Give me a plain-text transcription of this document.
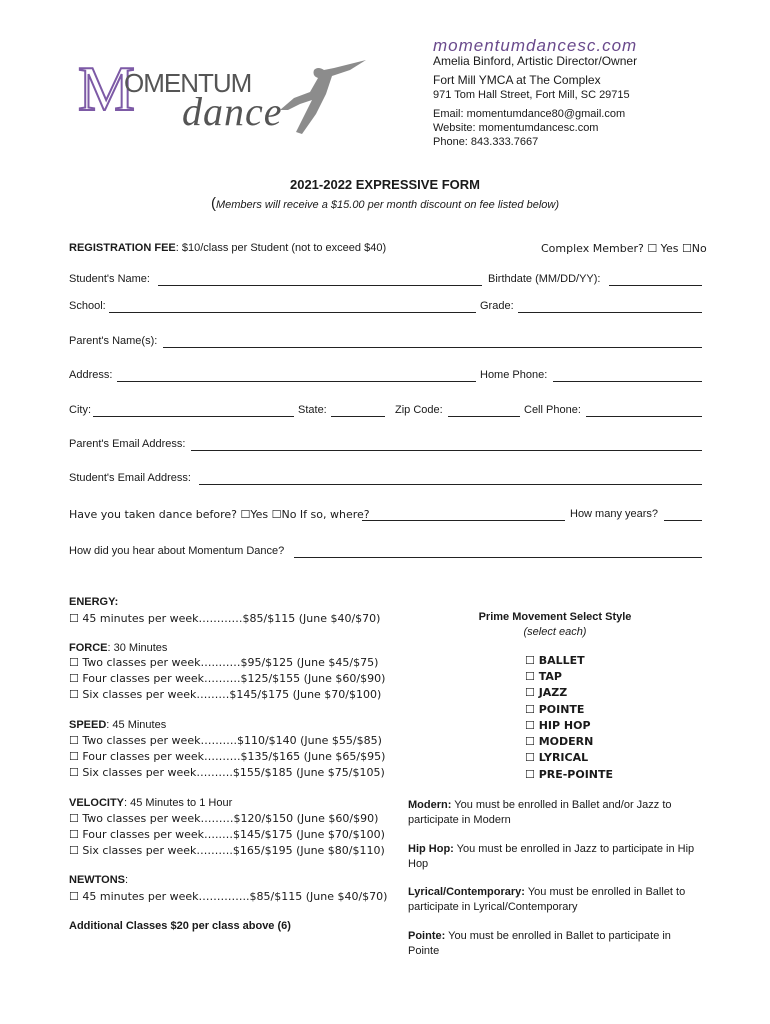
M
OMENTUM
dance
momentumdancesc.com
Amelia Binford, Artistic Director/Owner
Fort Mill YMCA at The Complex
971 Tom Hall Street, Fort Mill, SC 29715
Email: momentumdance80@gmail.com
Website: momentumdancesc.com
Phone: 843.333.7667
2021-2022 EXPRESSIVE FORM
(Members will receive a $15.00 per month discount on fee listed below)
REGISTRATION FEE: $10/class per Student (not to exceed $40)	Complex Member? ☐ Yes ☐No
Student's Name:	Birthdate (MM/DD/YY):
School:	Grade:
Parent's Name(s):
Address:	Home Phone:
City:	State:	Zip Code:	Cell Phone:
Parent's Email Address:
Student's Email Address:
Have you taken dance before? ☐Yes ☐No If so, where?	How many years?
How did you hear about Momentum Dance?
ENERGY:
☐ 45 minutes per week…………$85/$115 (June $40/$70)
FORCE: 30 Minutes
☐ Two classes per week…..……$95/$125 (June $45/$75)
☐ Four classes per week……….$125/$155 (June $60/$90)
☐ Six classes per week………$145/$175 (June $70/$100)
SPEED: 45 Minutes
☐ Two classes per week……….$110/$140 (June $55/$85)
☐ Four classes per week……….$135/$165 (June $65/$95)
☐ Six classes per week……….$155/$185 (June $75/$105)
VELOCITY: 45 Minutes to 1 Hour
☐ Two classes per week………$120/$150 (June $60/$90)
☐ Four classes per week…..…$145/$175 (June $70/$100)
☐ Six classes per week……….$165/$195 (June $80/$110)
NEWTONS:
☐ 45 minutes per week…………..$85/$115 (June $40/$70)
Additional Classes $20 per class above (6)
Prime Movement Select Style
(select each)
☐ BALLET
☐ TAP
☐ JAZZ
☐ POINTE
☐ HIP HOP
☐ MODERN
☐ LYRICAL
☐ PRE-POINTE
Modern: You must be enrolled in Ballet and/or Jazz to participate in Modern
Hip Hop: You must be enrolled in Jazz to participate in Hip Hop
Lyrical/Contemporary: You must be enrolled in Ballet to participate in Lyrical/Contemporary
Pointe: You must be enrolled in Ballet to participate in Pointe
